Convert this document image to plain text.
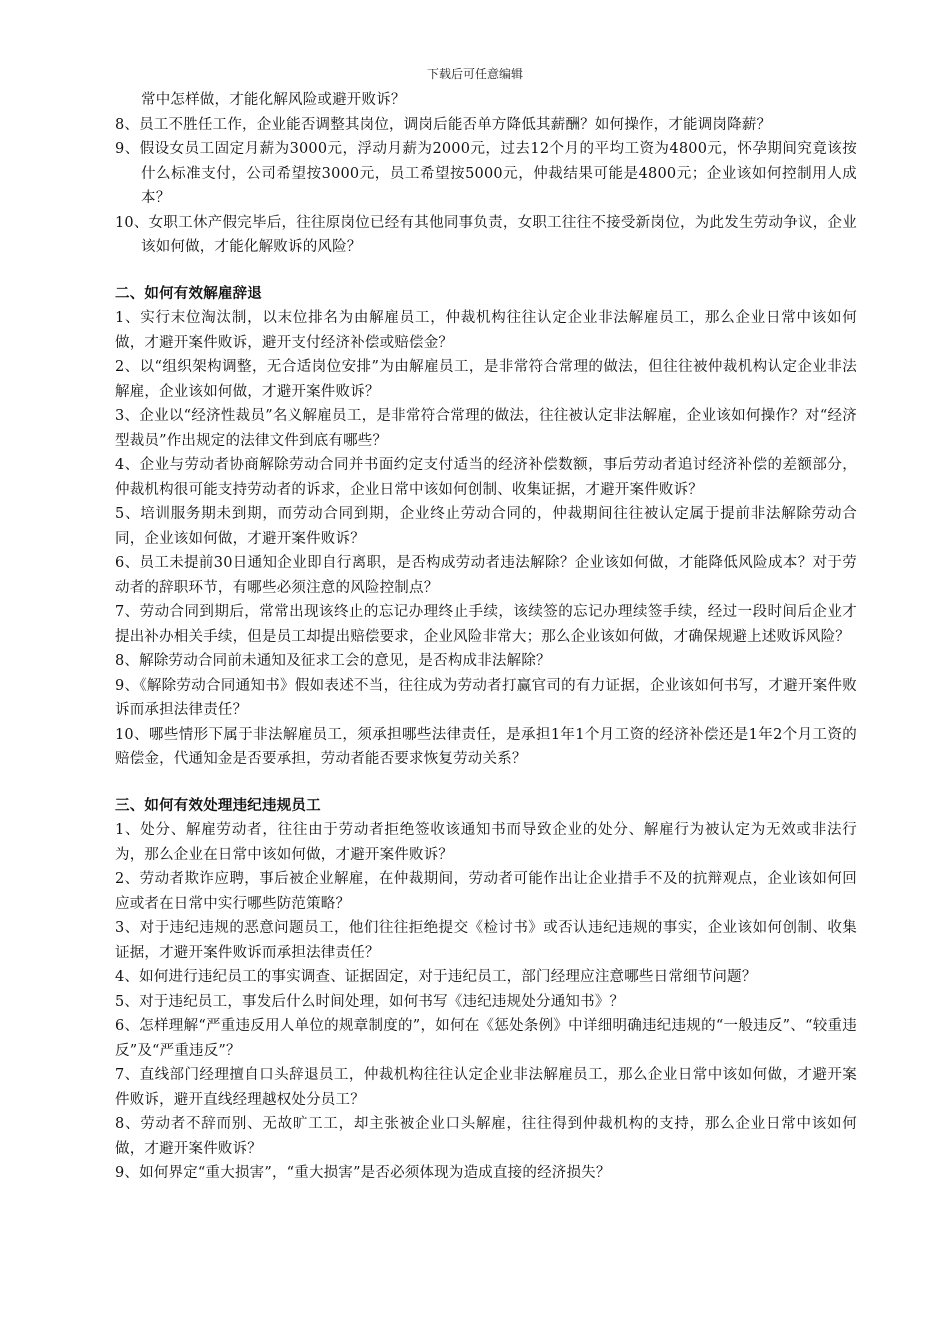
下载后可任意编辑

常中怎样做，才能化解风险或避开败诉？

8、员工不胜任工作，企业能否调整其岗位，调岗后能否单方降低其薪酬？如何操作，才能调岗降薪？

9、假设女员工固定月薪为3000元，浮动月薪为2000元，过去12个月的平均工资为4800元，怀孕期间究竟该按什么标准支付，公司希望按3000元，员工希望按5000元，仲裁结果可能是4800元；企业该如何控制用人成本？

10、女职工休产假完毕后，往往原岗位已经有其他同事负责，女职工往往不接受新岗位，为此发生劳动争议，企业该如何做，才能化解败诉的风险？

二、如何有效解雇辞退

1、实行末位淘汰制，以末位排名为由解雇员工，仲裁机构往往认定企业非法解雇员工，那么企业日常中该如何做，才避开案件败诉，避开支付经济补偿或赔偿金？

2、以“组织架构调整，无合适岗位安排”为由解雇员工，是非常符合常理的做法，但往往被仲裁机构认定企业非法解雇，企业该如何做，才避开案件败诉？

3、企业以“经济性裁员”名义解雇员工，是非常符合常理的做法，往往被认定非法解雇，企业该如何操作？对“经济型裁员”作出规定的法律文件到底有哪些？

4、企业与劳动者协商解除劳动合同并书面约定支付适当的经济补偿数额，事后劳动者追讨经济补偿的差额部分，仲裁机构很可能支持劳动者的诉求，企业日常中该如何创制、收集证据，才避开案件败诉？

5、培训服务期未到期，而劳动合同到期，企业终止劳动合同的，仲裁期间往往被认定属于提前非法解除劳动合同，企业该如何做，才避开案件败诉？

6、员工未提前30日通知企业即自行离职，是否构成劳动者违法解除？企业该如何做，才能降低风险成本？对于劳动者的辞职环节，有哪些必须注意的风险控制点？

7、劳动合同到期后，常常出现该终止的忘记办理终止手续，该续签的忘记办理续签手续，经过一段时间后企业才提出补办相关手续，但是员工却提出赔偿要求，企业风险非常大；那么企业该如何做，才确保规避上述败诉风险？

8、解除劳动合同前未通知及征求工会的意见，是否构成非法解除？

9、《解除劳动合同通知书》假如表述不当，往往成为劳动者打赢官司的有力证据，企业该如何书写，才避开案件败诉而承担法律责任？

10、哪些情形下属于非法解雇员工，须承担哪些法律责任，是承担1年1个月工资的经济补偿还是1年2个月工资的赔偿金，代通知金是否要承担，劳动者能否要求恢复劳动关系？

三、如何有效处理违纪违规员工

1、处分、解雇劳动者，往往由于劳动者拒绝签收该通知书而导致企业的处分、解雇行为被认定为无效或非法行为，那么企业在日常中该如何做，才避开案件败诉？

2、劳动者欺诈应聘，事后被企业解雇，在仲裁期间，劳动者可能作出让企业措手不及的抗辩观点，企业该如何回应或者在日常中实行哪些防范策略？

3、对于违纪违规的恶意问题员工，他们往往拒绝提交《检讨书》或否认违纪违规的事实，企业该如何创制、收集证据，才避开案件败诉而承担法律责任？

4、如何进行违纪员工的事实调查、证据固定，对于违纪员工，部门经理应注意哪些日常细节问题？

5、对于违纪员工，事发后什么时间处理，如何书写《违纪违规处分通知书》？

6、怎样理解“严重违反用人单位的规章制度的”，如何在《惩处条例》中详细明确违纪违规的“一般违反”、“较重违反”及“严重违反”？

7、直线部门经理擅自口头辞退员工，仲裁机构往往认定企业非法解雇员工，那么企业日常中该如何做，才避开案件败诉，避开直线经理越权处分员工？

8、劳动者不辞而别、无故旷工工，却主张被企业口头解雇，往往得到仲裁机构的支持，那么企业日常中该如何做，才避开案件败诉？

9、如何界定“重大损害”，“重大损害”是否必须体现为造成直接的经济损失？
